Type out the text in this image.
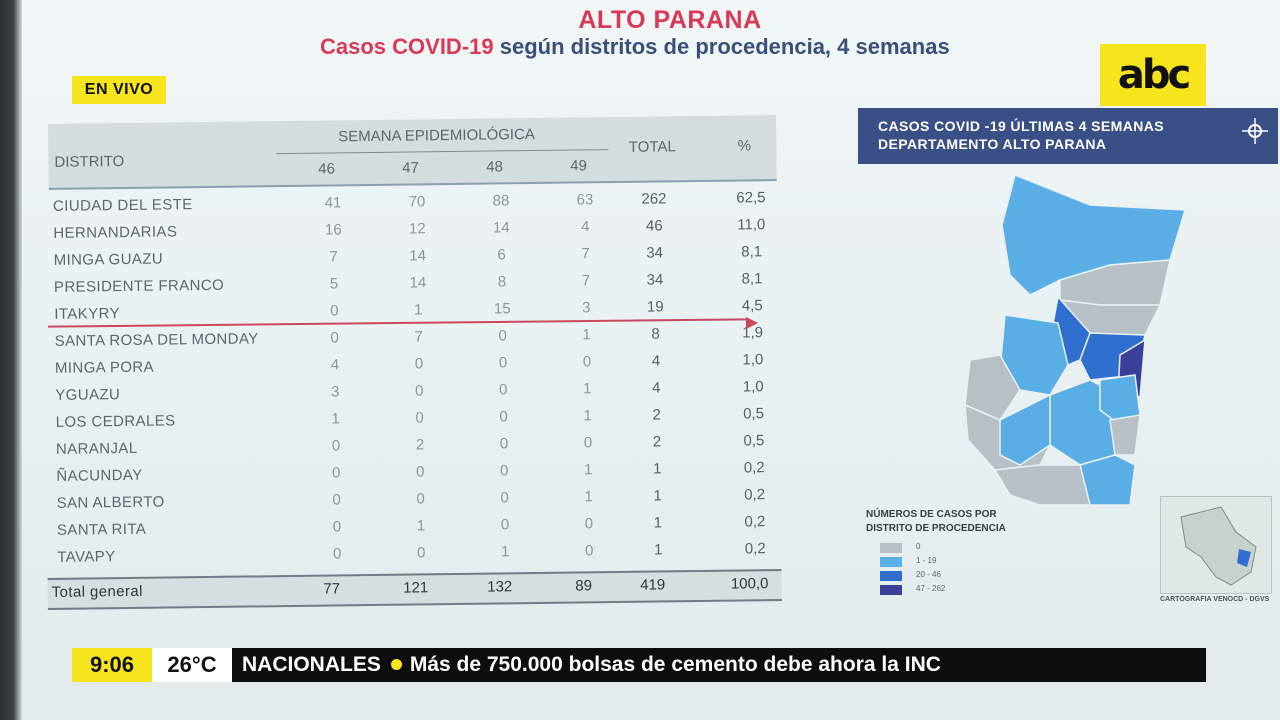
ALTO PARANA
Casos COVID-19 según distritos de procedencia, 4 semanas
EN VIVO	abc
DISTRITO
SEMANA EPIDEMIOLÓGICA
46	47	48	49
TOTAL	%
CIUDAD DEL ESTE	41	70	88	63	262	62,5
HERNANDARIAS	16	12	14	4	46	11,0
MINGA GUAZU	7	14	6	7	34	8,1
PRESIDENTE FRANCO	5	14	8	7	34	8,1
ITAKYRY	0	1	15	3	19	4,5
SANTA ROSA DEL MONDAY	0	7	0	1	8	1,9
MINGA PORA	4	0	0	0	4	1,0
YGUAZU	3	0	0	1	4	1,0
LOS CEDRALES	1	0	0	1	2	0,5
NARANJAL	0	2	0	0	2	0,5
ÑACUNDAY	0	0	0	1	1	0,2
SAN ALBERTO	0	0	0	1	1	0,2
SANTA RITA	0	1	0	0	1	0,2
TAVAPY	0	0	1	0	1	0,2
Total general	77	121	132	89	419	100,0
CASOS COVID -19 ÚLTIMAS 4 SEMANAS
DEPARTAMENTO ALTO PARANA
NÚMEROS DE CASOS POR
DISTRITO DE PROCEDENCIA
0
1 - 19
20 - 46
47 - 262
CARTOGRAFIA VENOCD - DGVS
9:06	26°C	NACIONALES Más de 750.000 bolsas de cemento debe ahora la INC
